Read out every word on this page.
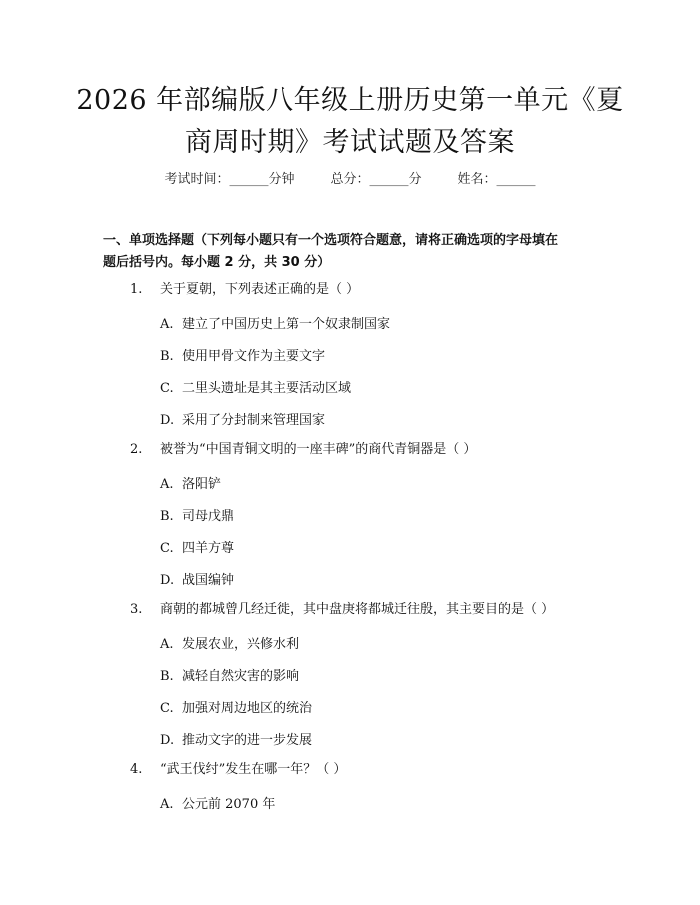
2026 年部编版八年级上册历史第一单元《夏
商周时期》考试试题及答案
考试时间：______分钟	总分：______分	姓名：______
一、单项选择题（下列每小题只有一个选项符合题意，请将正确选项的字母填在
题后括号内。每小题 2 分，共 30 分）
1. 关于夏朝，下列表述正确的是（ ）
A. 建立了中国历史上第一个奴隶制国家
B. 使用甲骨文作为主要文字
C. 二里头遗址是其主要活动区域
D. 采用了分封制来管理国家
2. 被誉为“中国青铜文明的一座丰碑”的商代青铜器是（ ）
A. 洛阳铲
B. 司母戊鼎
C. 四羊方尊
D. 战国编钟
3. 商朝的都城曾几经迁徙，其中盘庚将都城迁往殷，其主要目的是（ ）
A. 发展农业，兴修水利
B. 减轻自然灾害的影响
C. 加强对周边地区的统治
D. 推动文字的进一步发展
4. “武王伐纣”发生在哪一年？（ ）
A. 公元前 2070 年
